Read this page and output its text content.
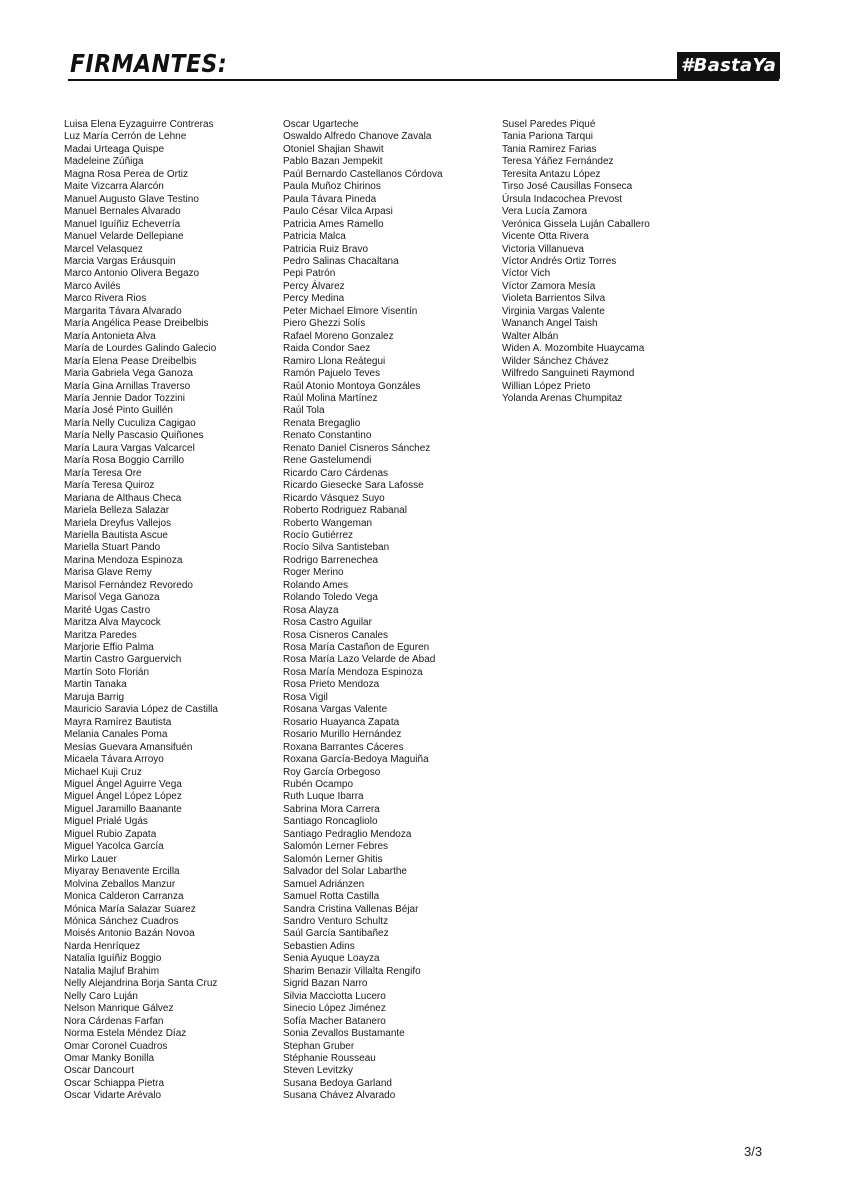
FIRMANTES:	#BastaYa
Luisa Elena Eyzaguirre Contreras
Luz María Cerrón de Lehne
Madai Urteaga Quispe
Madeleine Zúñiga
Magna Rosa Perea de Ortiz
Maite Vizcarra Alarcón
Manuel Augusto Glave Testino
Manuel Bernales Alvarado
Manuel Iguíñiz Echeverría
Manuel Velarde Dellepiane
Marcel Velasquez
Marcia Vargas Eráusquin
Marco Antonio Olivera Begazo
Marco Avilés
Marco Rivera Rios
Margarita Távara Alvarado
María Angélica Pease Dreibelbis
María Antonieta Alva
María de Lourdes Galindo Galecio
María Elena Pease Dreibelbis
Maria Gabriela Vega Ganoza
María Gina Arnillas Traverso
María Jennie Dador Tozzini
María José Pinto Guillén
María Nelly Cuculiza Cagigao
María Nelly Pascasio Quiñones
María Laura Vargas Valcarcel
María Rosa Boggio Carrillo
María Teresa Ore
María Teresa Quiroz
Mariana de Althaus Checa
Mariela Belleza Salazar
Mariela Dreyfus Vallejos
Mariella Bautista Ascue
Mariella Stuart Pando
Marina Mendoza Espinoza
Marisa Glave Remy
Marisol Fernández Revoredo
Marisol Vega Ganoza
Marité Ugas Castro
Maritza Alva Maycock
Maritza Paredes
Marjorie Effio Palma
Martin Castro Garguervich
Martín Soto Florián
Martin Tanaka
Maruja Barrig
Mauricio Saravia López de Castilla
Mayra Ramírez Bautista
Melania Canales Poma
Mesías Guevara Amansifuén
Micaela Távara Arroyo
Michael Kuji Cruz
Miguel Ángel Aguirre Vega
Miguel Ángel López López
Miguel Jaramillo Baanante
Miguel Prialé Ugás
Miguel Rubio Zapata
Miguel Yacolca García
Mirko Lauer
Miyaray Benavente Ercilla
Molvina Zeballos Manzur
Monica Calderon Carranza
Mónica María Salazar Suarez
Mónica Sánchez Cuadros
Moisés Antonio Bazán Novoa
Narda Henríquez
Natalia Iguíñiz Boggio
Natalia Majluf Brahim
Nelly Alejandrina Borja Santa Cruz
Nelly Caro Luján
Nelson Manrique Gálvez
Nora Cárdenas Farfan
Norma Estela Méndez Díaz
Omar Coronel Cuadros
Omar Manky Bonilla
Oscar Dancourt
Oscar Schiappa Pietra
Oscar Vidarte Arévalo
Oscar Ugarteche
Oswaldo Alfredo Chanove Zavala
Otoniel Shajian Shawit
Pablo Bazan Jempekit
Paúl Bernardo Castellanos Córdova
Paula Muñoz Chirinos
Paula Távara Pineda
Paulo César Vilca Arpasi
Patricia Ames Ramello
Patricia Malca
Patricia Ruiz Bravo
Pedro Salinas Chacaltana
Pepi Patrón
Percy Álvarez
Percy Medina
Peter Michael Elmore Visentín
Piero Ghezzi Solís
Rafael Moreno Gonzalez
Raida Condor Saez
Ramiro Llona Reátegui
Ramón Pajuelo Teves
Raúl Atonio Montoya Gonzáles
Raúl Molina Martínez
Raúl Tola
Renata Bregaglio
Renato Constantino
Renato Daniel Cisneros Sánchez
Rene Gastelumendi
Ricardo Caro Cárdenas
Ricardo Giesecke Sara Lafosse
Ricardo Vásquez Suyo
Roberto Rodriguez Rabanal
Roberto Wangeman
Rocío Gutiérrez
Rocío Silva Santisteban
Rodrigo Barrenechea
Roger Merino
Rolando Ames
Rolando Toledo Vega
Rosa Alayza
Rosa Castro Aguilar
Rosa Cisneros Canales
Rosa María Castañon de Eguren
Rosa María Lazo Velarde de Abad
Rosa María Mendoza Espinoza
Rosa Prieto Mendoza
Rosa Vigil
Rosana Vargas Valente
Rosario Huayanca Zapata
Rosario Murillo Hernández
Roxana Barrantes Cáceres
Roxana García-Bedoya Maguiña
Roy García Orbegoso
Rubén Ocampo
Ruth Luque Ibarra
Sabrina Mora Carrera
Santiago Roncagliolo
Santiago Pedraglio Mendoza
Salomón Lerner Febres
Salomón Lerner Ghitis
Salvador del Solar Labarthe
Samuel Adriánzen
Samuel Rotta Castilla
Sandra Cristina Vallenas Béjar
Sandro Venturo Schultz
Saúl García Santibañez
Sebastien Adins
Senia Ayuque Loayza
Sharim Benazir Villalta Rengifo
Sigrid Bazan Narro
Silvia Macciotta Lucero
Sinecio López Jiménez
Sofía Macher Batanero
Sonia Zevallos Bustamante
Stephan Gruber
Stéphanie Rousseau
Steven Levitzky
Susana Bedoya Garland
Susana Chávez Alvarado
Susel Paredes Piqué
Tania Pariona Tarqui
Tania Ramirez Farias
Teresa Yáñez Fernández
Teresita Antazu López
Tirso José Causillas Fonseca
Úrsula Indacochea Prevost
Vera Lucía Zamora
Verónica Gissela Luján Caballero
Vicente Otta Rivera
Victoria Villanueva
Víctor Andrés Ortiz Torres
Víctor Vich
Víctor Zamora Mesía
Violeta Barrientos Silva
Virginia Vargas Valente
Wananch Angel Taish
Walter Albán
Widen A. Mozombite Huaycama
Wilder Sánchez Chávez
Wilfredo Sanguineti Raymond
Willian López Prieto
Yolanda Arenas Chumpitaz
3/3
